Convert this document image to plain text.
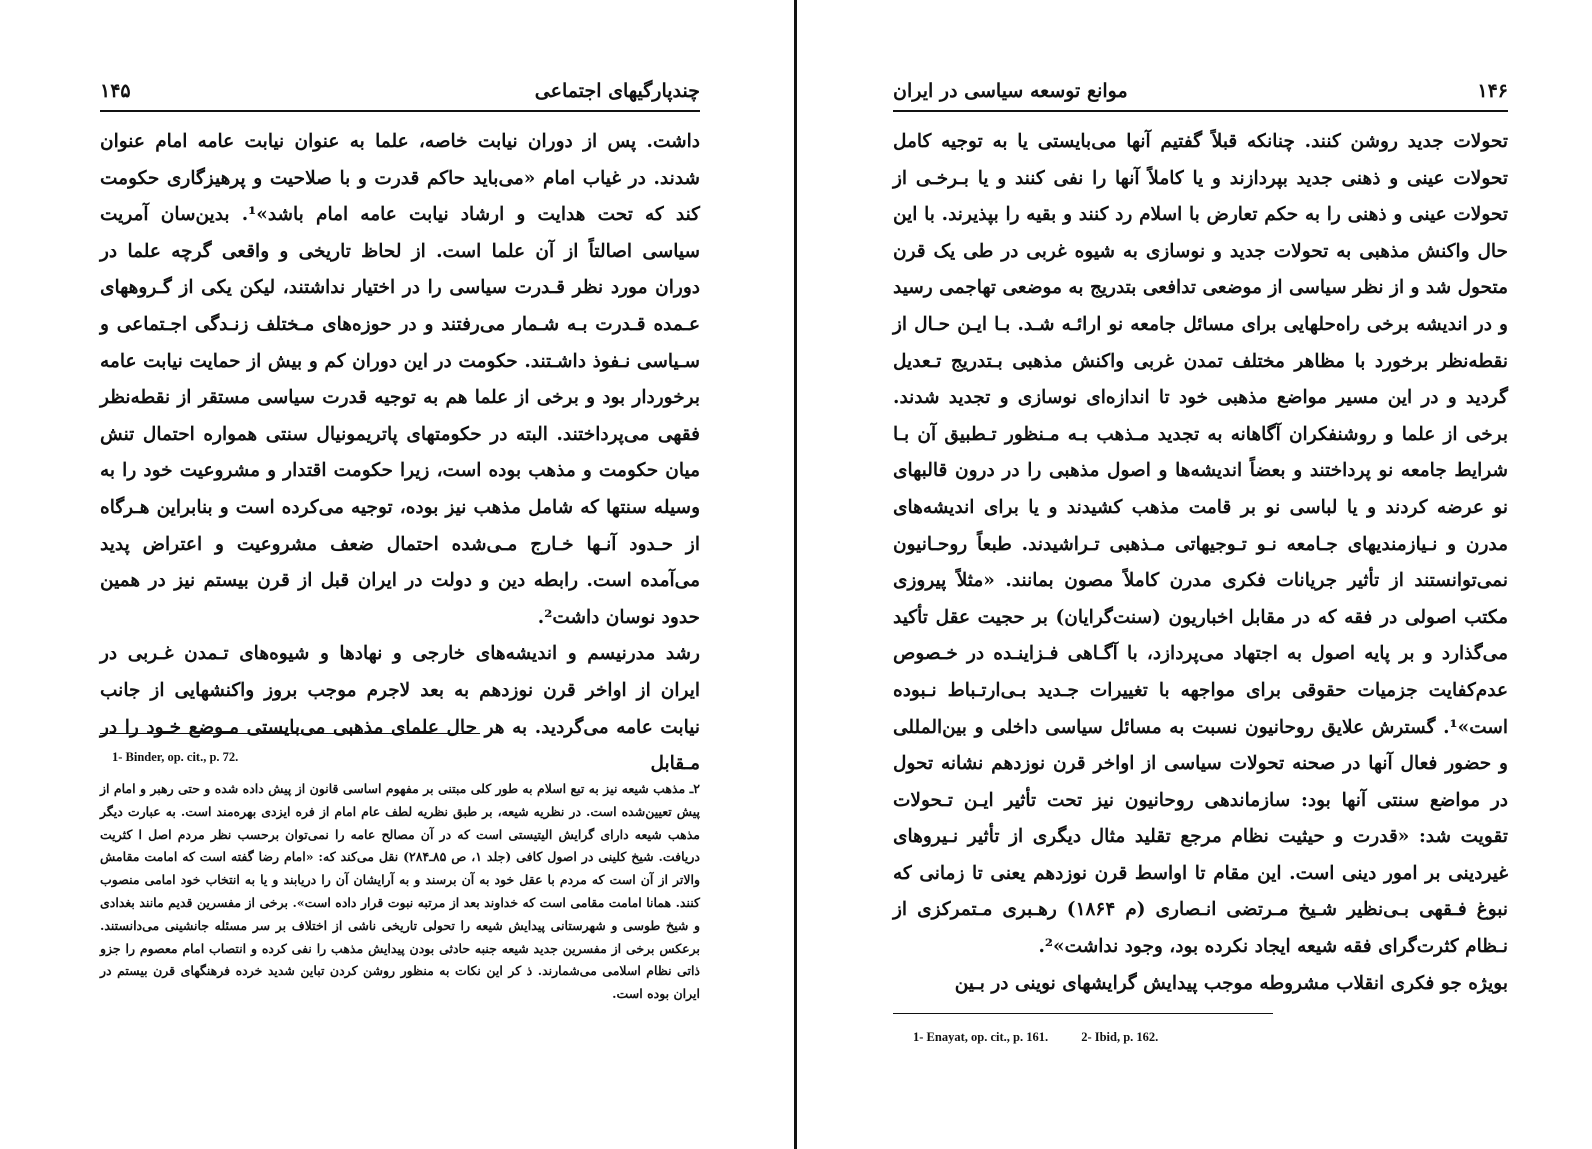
چندپارگیهای اجتماعی
۱۴۵

داشت. پس از دوران نیابت خاصه، علما به عنوان نیابت عامه امام عنوان شدند. در غیاب امام «می‌باید حاکم قدرت و با صلاحیت و پرهیزگاری حکومت کند که تحت هدایت و ارشاد نیابت عامه امام باشد»¹. بدین‌سان آمریت سیاسی اصالتاً از آن علما است. از لحاظ تاریخی و واقعی گرچه علما در دوران مورد نظر قـدرت سیاسی را در اختیار نداشتند، لیکن یکی از گـروههای عـمده قـدرت بـه شـمار می‌رفتند و در حوزه‌های مـختلف زنـدگی اجـتماعی و سـیاسی نـفوذ داشـتند. حکومت در این دوران کم و بیش از حمایت نیابت عامه برخوردار بود و برخی از علما هم به توجیه قدرت سیاسی مستقر از نقطه‌نظر فقهی می‌پرداختند. البته در حکومتهای پاتریمونیال سنتی همواره احتمال تنش میان حکومت و مذهب بوده است، زیرا حکومت اقتدار و مشروعیت خود را به وسیله سنتها که شامل مذهب نیز بوده، توجیه می‌کرده است و بنابراین هـرگاه از حـدود آنـها خـارج مـی‌شده احتمال ضعف مشروعیت و اعتراض پدید می‌آمده است. رابطه دین و دولت در ایران قبل از قرن بیستم نیز در همین حدود نوسان داشت².

رشد مدرنیسم و اندیشه‌های خارجی و نهادها و شیوه‌های تـمدن غـربی در ایران از اواخر قرن نوزدهم به بعد لاجرم موجب بروز واکنشهایی از جانب نیابت عامه می‌گردید. به هر حال علمای مذهبی می‌بایستی مـوضع خـود را در مـقابل

1- Binder, op. cit., p. 72.

۲ـ مذهب شیعه نیز به تبع اسلام به طور کلی مبتنی بر مفهوم اساسی قانون از پیش داده شده و حتی رهبر و امام از پیش تعیین‌شده است. در نظریه شیعه، بر طبق نظریه لطف عام امام از فره ایزدی بهره‌مند است. به عبارت دیگر مذهب شیعه دارای گرایش الیتیستی است که در آن مصالح عامه را نمی‌توان برحسب نظر مردم اصل ا کثریت دریافت. شیخ کلینی در اصول کافی (جلد ۱، ص ۸۵ـ۲۸۴) نقل می‌کند که: «امام رضا گفته است که امامت مقامش والاتر از آن است که مردم با عقل خود به آن برسند و به آرایشان آن را دریابند و یا به انتخاب خود امامی منصوب کنند. همانا امامت مقامی است که خداوند بعد از مرتبه نبوت قرار داده است». برخی از مفسرین قدیم مانند بغدادی و شیخ طوسی و شهرستانی پیدایش شیعه را تحولی تاریخی ناشی از اختلاف بر سر مسئله جانشینی می‌دانستند. برعکس برخی از مفسرین جدید شیعه جنبه حادثی بودن پیدایش مذهب را نفی کرده و انتصاب امام معصوم را جزو ذاتی نظام اسلامی می‌شمارند. ذ کر این نکات به منظور روشن کردن تباین شدید خرده فرهنگهای قرن بیستم در ایران بوده است.

موانع توسعه سیاسی در ایران	۱۴۶

تحولات جدید روشن کنند. چنانکه قبلاً گفتیم آنها می‌بایستی یا به توجیه کامل تحولات عینی و ذهنی جدید بپردازند و یا کاملاً آنها را نفی کنند و یا بـرخـی از تحولات عینی و ذهنی را به حکم تعارض با اسلام رد کنند و بقیه را بپذیرند. با این حال واکنش مذهبی به تحولات جدید و نوسازی به شیوه غربی در طی یک قرن متحول شد و از نظر سیاسی از موضعی تدافعی بتدریج به موضعی تهاجمی رسید و در اندیشه برخی راه‌حلهایی برای مسائل جامعه نو ارائـه شـد. بـا ایـن حـال از نقطه‌نظر برخورد با مظاهر مختلف تمدن غربی واکنش مذهبی بـتدریج تـعدیل گردید و در این مسیر مواضع مذهبی خود تا اندازه‌ای نوسازی و تجدید شدند. برخی از علما و روشنفکران آگاهانه به تجدید مـذهب بـه مـنظور تـطبیق آن بـا شرایط جامعه نو پرداختند و بعضاً اندیشه‌ها و اصول مذهبی را در درون قالبهای نو عرضه کردند و یا لباسی نو بر قامت مذهب کشیدند و یا برای اندیشه‌های مدرن و نـیازمندیهای جـامعه نـو تـوجیهاتی مـذهبی تـراشیدند. طبعاً روحـانیون نمی‌توانستند از تأثیر جریانات فکری مدرن کاملاً مصون بمانند. «مثلاً پیروزی مکتب اصولی در فقه که در مقابل اخباریون (سنت‌گرایان) بر حجیت عقل تأکید می‌گذارد و بر پایه اصول به اجتهاد می‌پردازد، با آگـاهی فـزاینـده در خـصوص عدم‌کفایت جزمیات حقوقی برای مواجهه با تغییرات جـدید بـی‌ارتـباط نـبوده است»¹. گسترش علایق روحانیون نسبت به مسائل سیاسی داخلی و بین‌المللی و حضور فعال آنها در صحنه تحولات سیاسی از اواخر قرن نوزدهم نشانه تحول در مواضع سنتی آنها بود: سازماندهی روحانیون نیز تحت تأثیر ایـن تـحولات تقویت شد: «قدرت و حیثیت نظام مرجع تقلید مثال دیگری از تأثیر نـیروهای غیردینی بر امور دینی است. این مقام تا اواسط قرن نوزدهم یعنی تا زمانی که نبوغ فـقهی بـی‌نظیر شـیخ مـرتضی انـصاری (م ۱۸۶۴) رهـبری مـتمرکزی از نـظام کثرت‌گرای فقه شیعه ایجاد نکرده بود، وجود نداشت»².

بویژه جو فکری انقلاب مشروطه موجب پیدایش گرایشهای نوینی در بـین

1- Enayat, op. cit., p. 161.	2- Ibid, p. 162.
